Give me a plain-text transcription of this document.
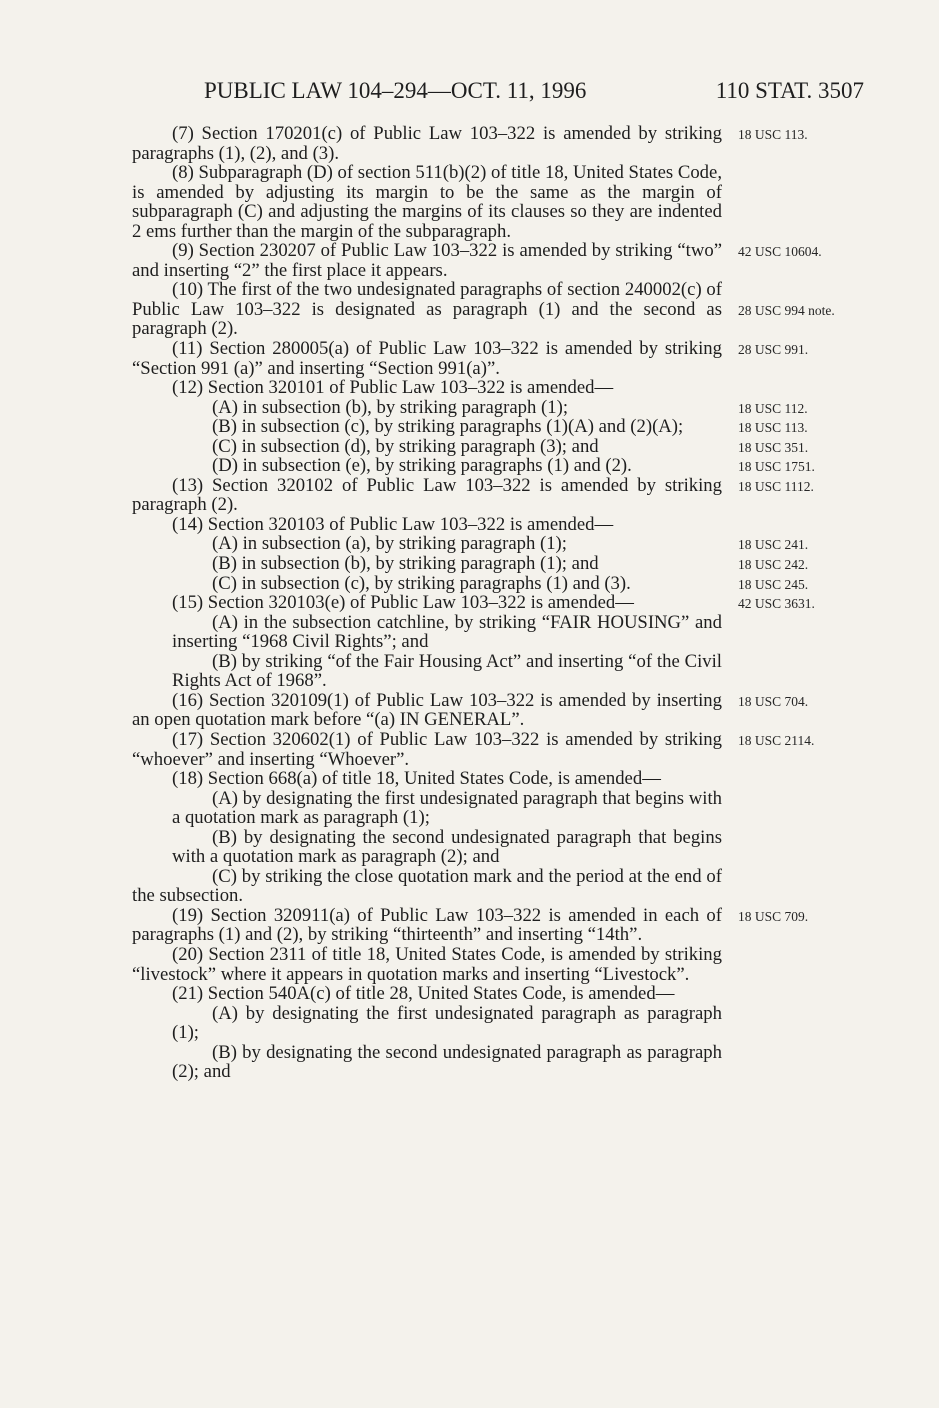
PUBLIC LAW 104–294—OCT. 11, 1996	110 STAT. 3507

(7) Section 170201(c) of Public Law 103–322 is amended by striking paragraphs (1), (2), and (3).
18 USC 113.

(8) Subparagraph (D) of section 511(b)(2) of title 18, United States Code, is amended by adjusting its margin to be the same as the margin of subparagraph (C) and adjusting the margins of its clauses so they are indented 2 ems further than the margin of the subparagraph.

(9) Section 230207 of Public Law 103–322 is amended by striking “two” and inserting “2” the first place it appears.
42 USC 10604.

(10) The first of the two undesignated paragraphs of section 240002(c) of Public Law 103–322 is designated as paragraph (1) and the second as paragraph (2).
28 USC 994 note.

(11) Section 280005(a) of Public Law 103–322 is amended by striking “Section 991 (a)” and inserting “Section 991(a)”.
28 USC 991.

(12) Section 320101 of Public Law 103–322 is amended—

(A) in subsection (b), by striking paragraph (1);	18 USC 112.

(B) in subsection (c), by striking paragraphs (1)(A) and (2)(A);	18 USC 113.

(C) in subsection (d), by striking paragraph (3); and	18 USC 351.

(D) in subsection (e), by striking paragraphs (1) and (2).	18 USC 1751.

(13) Section 320102 of Public Law 103–322 is amended by striking paragraph (2).
18 USC 1112.

(14) Section 320103 of Public Law 103–322 is amended—

(A) in subsection (a), by striking paragraph (1);	18 USC 241.

(B) in subsection (b), by striking paragraph (1); and	18 USC 242.

(C) in subsection (c), by striking paragraphs (1) and (3).	18 USC 245.

(15) Section 320103(e) of Public Law 103–322 is amended—	42 USC 3631.

(A) in the subsection catchline, by striking “FAIR HOUSING” and inserting “1968 Civil Rights”; and

(B) by striking “of the Fair Housing Act” and inserting “of the Civil Rights Act of 1968”.

(16) Section 320109(1) of Public Law 103–322 is amended by inserting an open quotation mark before “(a) IN GENERAL”.
18 USC 704.

(17) Section 320602(1) of Public Law 103–322 is amended by striking “whoever” and inserting “Whoever”.
18 USC 2114.

(18) Section 668(a) of title 18, United States Code, is amended—

(A) by designating the first undesignated paragraph that begins with a quotation mark as paragraph (1);

(B) by designating the second undesignated paragraph that begins with a quotation mark as paragraph (2); and

(C) by striking the close quotation mark and the period at the end of the subsection.

(19) Section 320911(a) of Public Law 103–322 is amended in each of paragraphs (1) and (2), by striking “thirteenth” and inserting “14th”.
18 USC 709.

(20) Section 2311 of title 18, United States Code, is amended by striking “livestock” where it appears in quotation marks and inserting “Livestock”.

(21) Section 540A(c) of title 28, United States Code, is amended—

(A) by designating the first undesignated paragraph as paragraph (1);

(B) by designating the second undesignated paragraph as paragraph (2); and
